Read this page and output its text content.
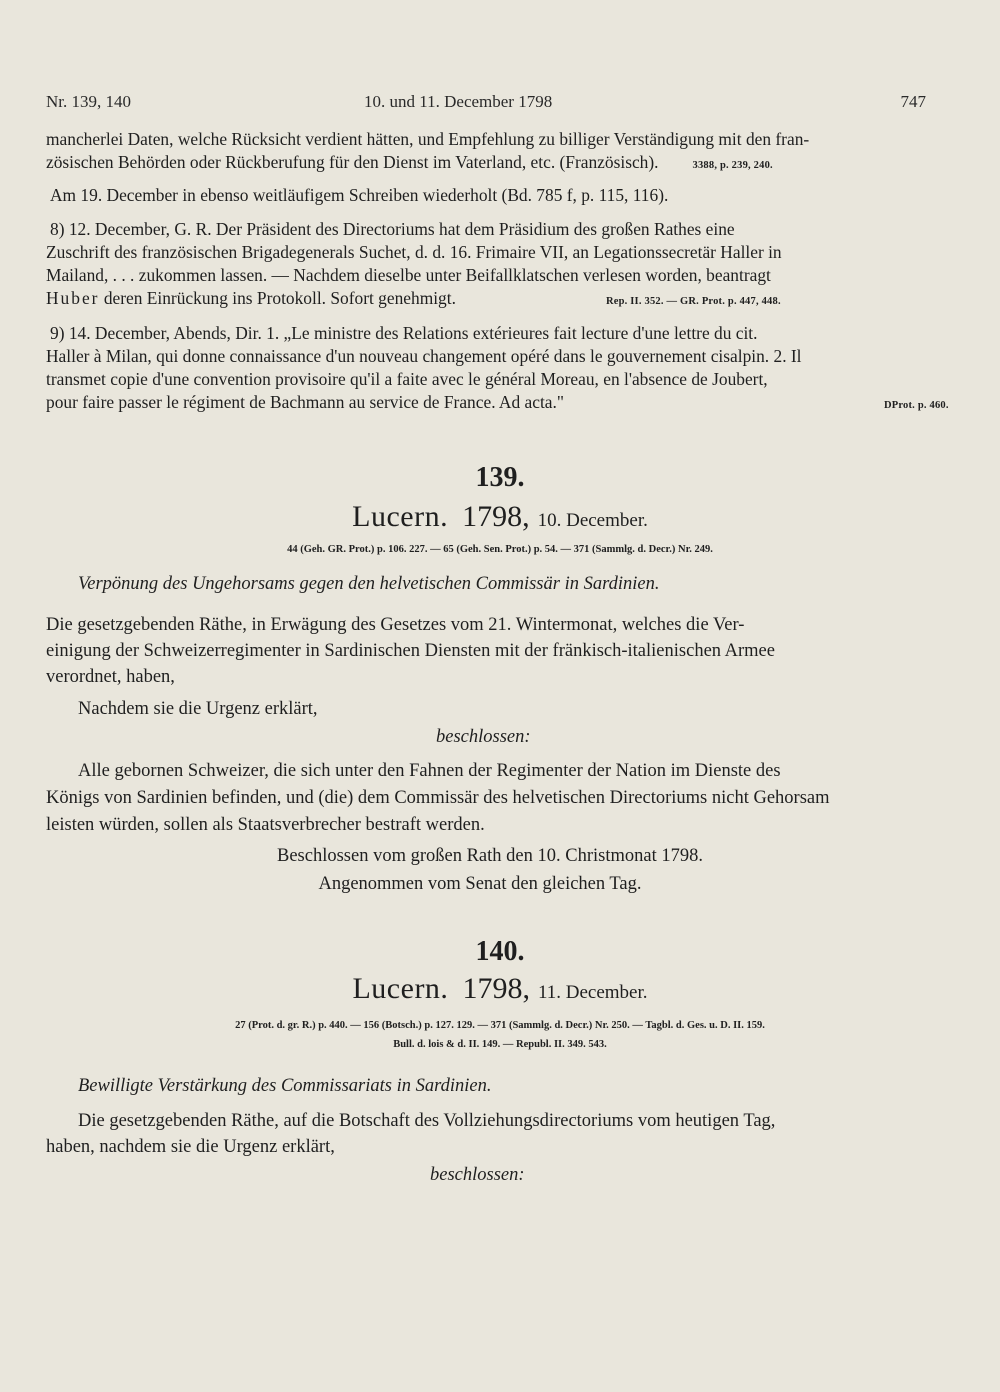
Nr. 139, 140	10. und 11. December 1798	747
mancherlei Daten, welche Rücksicht verdient hätten, und Empfehlung zu billiger Verständigung mit den fran-
zösischen Behörden oder Rückberufung für den Dienst im Vaterland, etc. (Französisch).	3388, p. 239, 240.
Am 19. December in ebenso weitläufigem Schreiben wiederholt (Bd. 785 f, p. 115, 116).
8) 12. December, G. R. Der Präsident des Directoriums hat dem Präsidium des großen Rathes eine
Zuschrift des französischen Brigadegenerals Suchet, d. d. 16. Frimaire VII, an Legationssecretär Haller in
Mailand, . . . zukommen lassen. — Nachdem dieselbe unter Beifallklatschen verlesen worden, beantragt
Huber deren Einrückung ins Protokoll. Sofort genehmigt.	Rep. II. 352. — GR. Prot. p. 447, 448.
9) 14. December, Abends, Dir. 1. „Le ministre des Relations extérieures fait lecture d'une lettre du cit.
Haller à Milan, qui donne connaissance d'un nouveau changement opéré dans le gouvernement cisalpin. 2. Il
transmet copie d'une convention provisoire qu'il a faite avec le général Moreau, en l'absence de Joubert,
pour faire passer le régiment de Bachmann au service de France. Ad acta."	DProt. p. 460.
139.
Lucern. 1798, 10. December.
44 (Geh. GR. Prot.) p. 106. 227. — 65 (Geh. Sen. Prot.) p. 54. — 371 (Sammlg. d. Decr.) Nr. 249.
Verpönung des Ungehorsams gegen den helvetischen Commissär in Sardinien.
Die gesetzgebenden Räthe, in Erwägung des Gesetzes vom 21. Wintermonat, welches die Ver-
einigung der Schweizerregimenter in Sardinischen Diensten mit der fränkisch-italienischen Armee
verordnet, haben,
Nachdem sie die Urgenz erklärt,
beschlossen:
Alle gebornen Schweizer, die sich unter den Fahnen der Regimenter der Nation im Dienste des
Königs von Sardinien befinden, und (die) dem Commissär des helvetischen Directoriums nicht Gehorsam
leisten würden, sollen als Staatsverbrecher bestraft werden.
Beschlossen vom großen Rath den 10. Christmonat 1798.
Angenommen vom Senat den gleichen Tag.
140.
Lucern. 1798, 11. December.
27 (Prot. d. gr. R.) p. 440. — 156 (Botsch.) p. 127. 129. — 371 (Sammlg. d. Decr.) Nr. 250. — Tagbl. d. Ges. u. D. II. 159.
Bull. d. lois & d. II. 149. — Republ. II. 349. 543.
Bewilligte Verstärkung des Commissariats in Sardinien.
Die gesetzgebenden Räthe, auf die Botschaft des Vollziehungsdirectoriums vom heutigen Tag,
haben, nachdem sie die Urgenz erklärt,
beschlossen:
